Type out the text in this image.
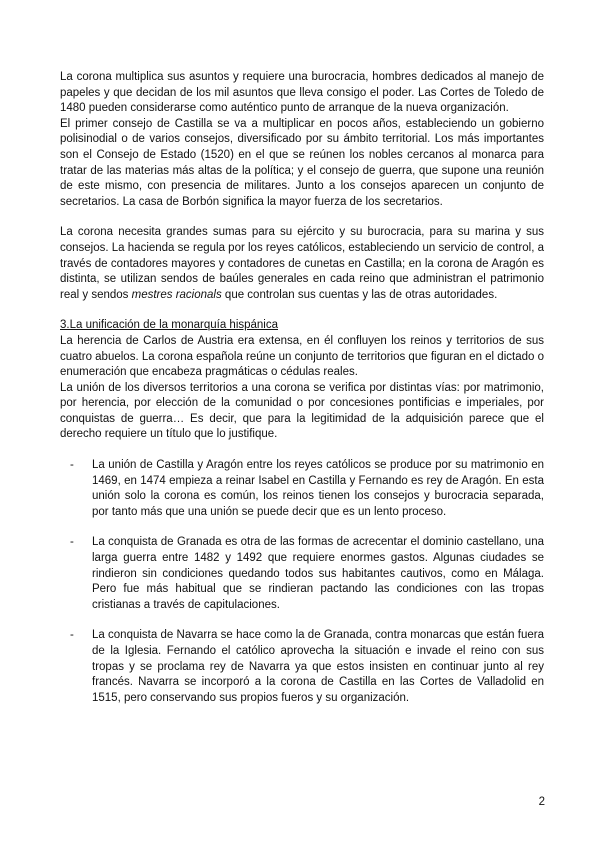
La corona multiplica sus asuntos y requiere una burocracia, hombres dedicados al manejo de papeles y que decidan de los mil asuntos que lleva consigo el poder. Las Cortes de Toledo de 1480 pueden considerarse como auténtico punto de arranque de la nueva organización.

El primer consejo de Castilla se va a multiplicar en pocos años, estableciendo un gobierno polisinodial o de varios consejos, diversificado por su ámbito territorial. Los más importantes son el Consejo de Estado (1520) en el que se reúnen los nobles cercanos al monarca para tratar de las materias más altas de la política; y el consejo de guerra, que supone una reunión de este mismo, con presencia de militares. Junto a los consejos aparecen un conjunto de secretarios. La casa de Borbón significa la mayor fuerza de los secretarios.

La corona necesita grandes sumas para su ejército y su burocracia, para su marina y sus consejos. La hacienda se regula por los reyes católicos, estableciendo un servicio de control, a través de contadores mayores y contadores de cunetas en Castilla; en la corona de Aragón es distinta, se utilizan sendos de baúles generales en cada reino que administran el patrimonio real y sendos mestres racionals que controlan sus cuentas y las de otras autoridades.

3.La unificación de la monarquía hispánica

La herencia de Carlos de Austria era extensa, en él confluyen los reinos y territorios de sus cuatro abuelos. La corona española reúne un conjunto de territorios que figuran en el dictado o enumeración que encabeza pragmáticas o cédulas reales.

La unión de los diversos territorios a una corona se verifica por distintas vías: por matrimonio, por herencia, por elección de la comunidad o por concesiones pontificias e imperiales, por conquistas de guerra… Es decir, que para la legitimidad de la adquisición parece que el derecho requiere un título que lo justifique.

- La unión de Castilla y Aragón entre los reyes católicos se produce por su matrimonio en 1469, en 1474 empieza a reinar Isabel en Castilla y Fernando es rey de Aragón. En esta unión solo la corona es común, los reinos tienen los consejos y burocracia separada, por tanto más que una unión se puede decir que es un lento proceso.
- La conquista de Granada es otra de las formas de acrecentar el dominio castellano, una larga guerra entre 1482 y 1492 que requiere enormes gastos. Algunas ciudades se rindieron sin condiciones quedando todos sus habitantes cautivos, como en Málaga. Pero fue más habitual que se rindieran pactando las condiciones con las tropas cristianas a través de capitulaciones.
- La conquista de Navarra se hace como la de Granada, contra monarcas que están fuera de la Iglesia. Fernando el católico aprovecha la situación e invade el reino con sus tropas y se proclama rey de Navarra ya que estos insisten en continuar junto al rey francés. Navarra se incorporó a la corona de Castilla en las Cortes de Valladolid en 1515, pero conservando sus propios fueros y su organización.
2
